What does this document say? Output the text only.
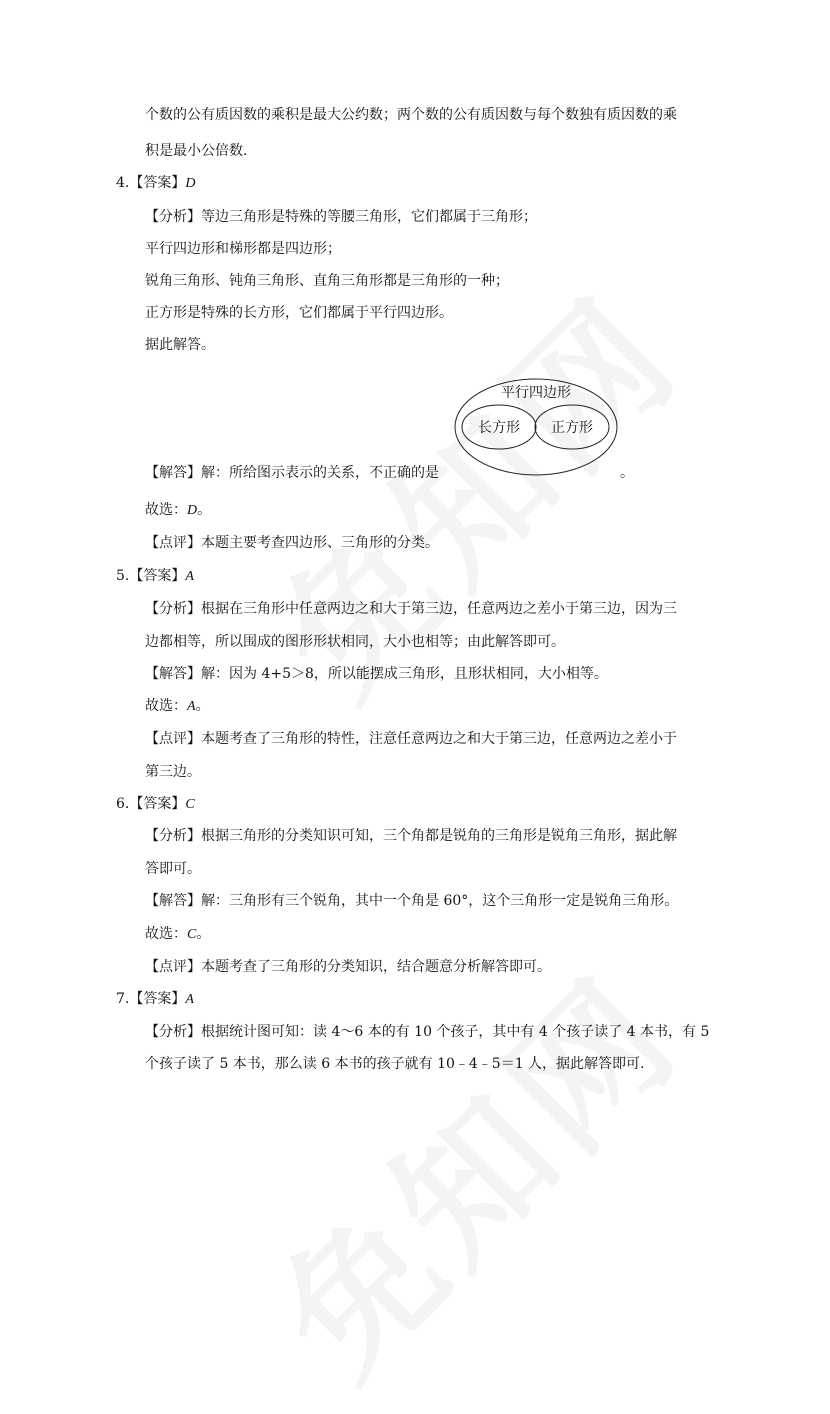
个数的公有质因数的乘积是最大公约数；两个数的公有质因数与每个数独有质因数的乘
积是最小公倍数.
4.【答案】D
【分析】等边三角形是特殊的等腰三角形，它们都属于三角形；
平行四边形和梯形都是四边形；
锐角三角形、钝角三角形、直角三角形都是三角形的一种；
正方形是特殊的长方形，它们都属于平行四边形。
据此解答。
平行四边形
长方形 正方形
【解答】解：所给图示表示的关系，不正确的是	。
故选：D。
【点评】本题主要考查四边形、三角形的分类。
5.【答案】A
【分析】根据在三角形中任意两边之和大于第三边，任意两边之差小于第三边，因为三
边都相等，所以围成的图形形状相同，大小也相等；由此解答即可。
【解答】解：因为 4+5＞8，所以能摆成三角形，且形状相同，大小相等。
故选：A。
【点评】本题考查了三角形的特性，注意任意两边之和大于第三边，任意两边之差小于
第三边。
6.【答案】C
【分析】根据三角形的分类知识可知，三个角都是锐角的三角形是锐角三角形，据此解
答即可。
【解答】解：三角形有三个锐角，其中一个角是 60°，这个三角形一定是锐角三角形。
故选：C。
【点评】本题考查了三角形的分类知识，结合题意分析解答即可。
7.【答案】A
【分析】根据统计图可知：读 4～6 本的有 10 个孩子，其中有 4 个孩子读了 4 本书，有 5
个孩子读了 5 本书，那么读 6 本书的孩子就有 10﹣4﹣5＝1 人，据此解答即可.
